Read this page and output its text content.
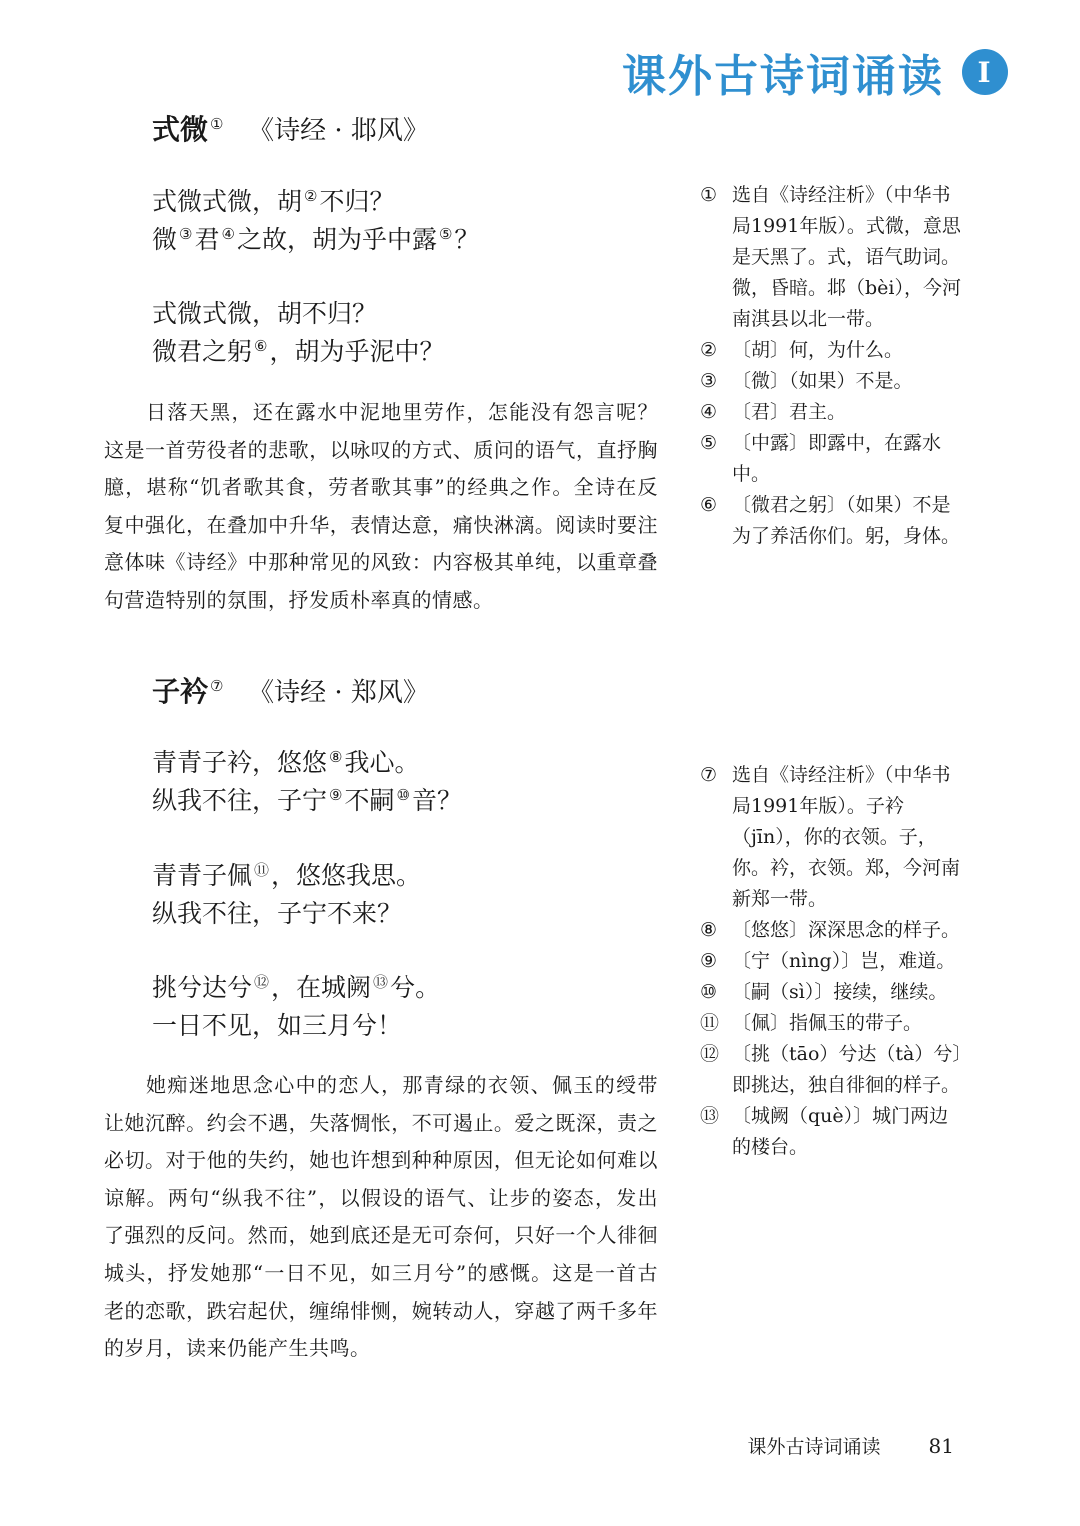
课外古诗词诵读	I
式微 ① 《诗经 · 邶风》
式微式微，胡 ②不归？
微 ③君 ④之故，胡为乎中露 ⑤？
式微式微，胡不归？
微君之躬 ⑥，胡为乎泥中？

日落天黑，还在露水中泥地里劳作，怎能没有怨言呢？这是一首劳役者的悲歌，以咏叹的方式、质问的语气，直抒胸臆，堪称“饥者歌其食，劳者歌其事”的经典之作。全诗在反复中强化，在叠加中升华，表情达意，痛快淋漓。阅读时要注意体味《诗经》中那种常见的风致：内容极其单纯，以重章叠句营造特别的氛围，抒发质朴率真的情感。

① 选自《诗经注析》（中华书局1991年版）。式微，意思是天黑了。式，语气助词。微，昏暗。邶（bèi），今河南淇县以北一带。
② 〔胡〕何，为什么。
③ 〔微〕（如果）不是。
④ 〔君〕君主。
⑤ 〔中露〕即露中，在露水中。
⑥ 〔微君之躬〕（如果）不是为了养活你们。躬，身体。
子衿 ⑦ 《诗经 · 郑风》
青青子衿，悠悠 ⑧我心。
纵我不往，子宁 ⑨不嗣 ⑩音？
青青子佩 ⑪，悠悠我思。
纵我不往，子宁不来？
挑兮达兮 ⑫，在城阙 ⑬兮。
一日不见，如三月兮！

她痴迷地思念心中的恋人，那青绿的衣领、佩玉的绶带让她沉醉。约会不遇，失落惆怅，不可遏止。爱之既深，责之必切。对于他的失约，她也许想到种种原因，但无论如何难以谅解。两句“纵我不往”，以假设的语气、让步的姿态，发出了强烈的反问。然而，她到底还是无可奈何，只好一个人徘徊城头，抒发她那“一日不见，如三月兮”的感慨。这是一首古老的恋歌，跌宕起伏，缠绵悱恻，婉转动人，穿越了两千多年的岁月，读来仍能产生共鸣。

⑦ 选自《诗经注析》（中华书局1991年版）。子衿（jīn），你的衣领。子，你。衿，衣领。郑，今河南新郑一带。
⑧ 〔悠悠〕深深思念的样子。
⑨ 〔宁（nìng）〕岂，难道。
⑩ 〔嗣（sì）〕接续，继续。
⑪ 〔佩〕指佩玉的带子。
⑫ 〔挑（tāo）兮达（tà）兮〕即挑达，独自徘徊的样子。
⑬ 〔城阙（què）〕城门两边的楼台。
课外古诗词诵读 81
